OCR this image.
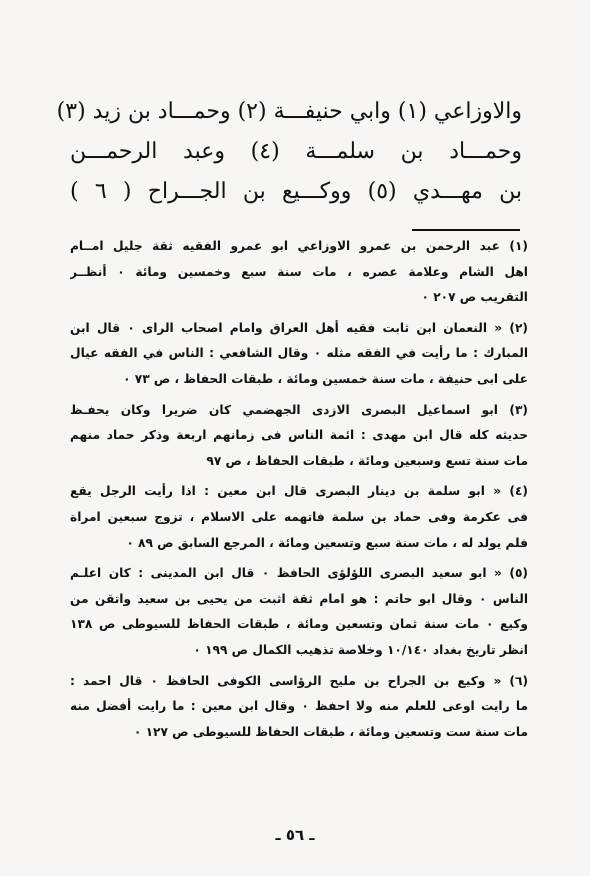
والاوزاعي (١) وابي حنيفـــة (٢) وحمـــاد بن زيد (٣)
وحمـــاد بن سلمـــة (٤) وعبد الرحمـــن
بن مهـــدي (٥) ووكـــيع بن الجـــراح ( ٦ )
(١) عبد الرحمن بن عمرو الاوزاعي ابو عمرو الفقيه ثقة جليل امــام
اهل الشام وعلامة عصره ، مات سنة سبع وخمسين ومائة ٠ أنظــر
التقريب ص ٢٠٧ ٠
(٢) « النعمان ابن ثابت فقيه أهل العراق وامام اصحاب الراى ٠ قال ابن
المبارك : ما رأيت في الفقه مثله ٠ وقال الشافعي : الناس في الفقه عيال
على ابى حنيفة ، مات سنة خمسين ومائة ، طبقات الحفاظ ، ص ٧٣ ٠
(٣) ابو اسماعيل البصرى الازدى الجهضمي كان ضريرا وكان يحفـظ
حديثه كله قال ابن مهدى : ائمة الناس فى زمانهم اربعة وذكر حماد منهم
مات سنة تسع وسبعين ومائة ، طبقات الحفاظ ، ص ٩٧
(٤) « ابو سلمة بن دينار البصرى قال ابن معين : اذا رأيت الرجل يقع
فى عكرمة وفى حماد بن سلمة فاتهمه على الاسلام ، تزوج سبعين امراة
فلم يولد له ، مات سنة سبع وتسعين ومائة ، المرجع السابق ص ٨٩ ٠
(٥) « ابو سعيد البصرى اللؤلؤى الحافظ ٠ قال ابن المدينى : كان اعلـم
الناس ٠ وقال ابو حاتم : هو امام ثقة اثبت من يحيى بن سعيد واتقن من
وكيع ٠ مات سنة ثمان وتسعين ومائة ، طبقات الحفاظ للسيوطى ص ١٣٨
انظر تاريخ بغداد ١٠/١٤٠ وخلاصة تذهيب الكمال ص ١٩٩ ٠
(٦) « وكيع بن الجراح بن مليح الرؤاسى الكوفى الحافظ ٠ قال احمد :
ما رايت اوعى للعلم منه ولا احفظ ٠ وقال ابن معين : ما رايت أفضل منه
مات سنة ست وتسعين ومائة ، طبقات الحفاظ للسيوطى ص ١٢٧ ٠
ـ ٥٦ ـ
